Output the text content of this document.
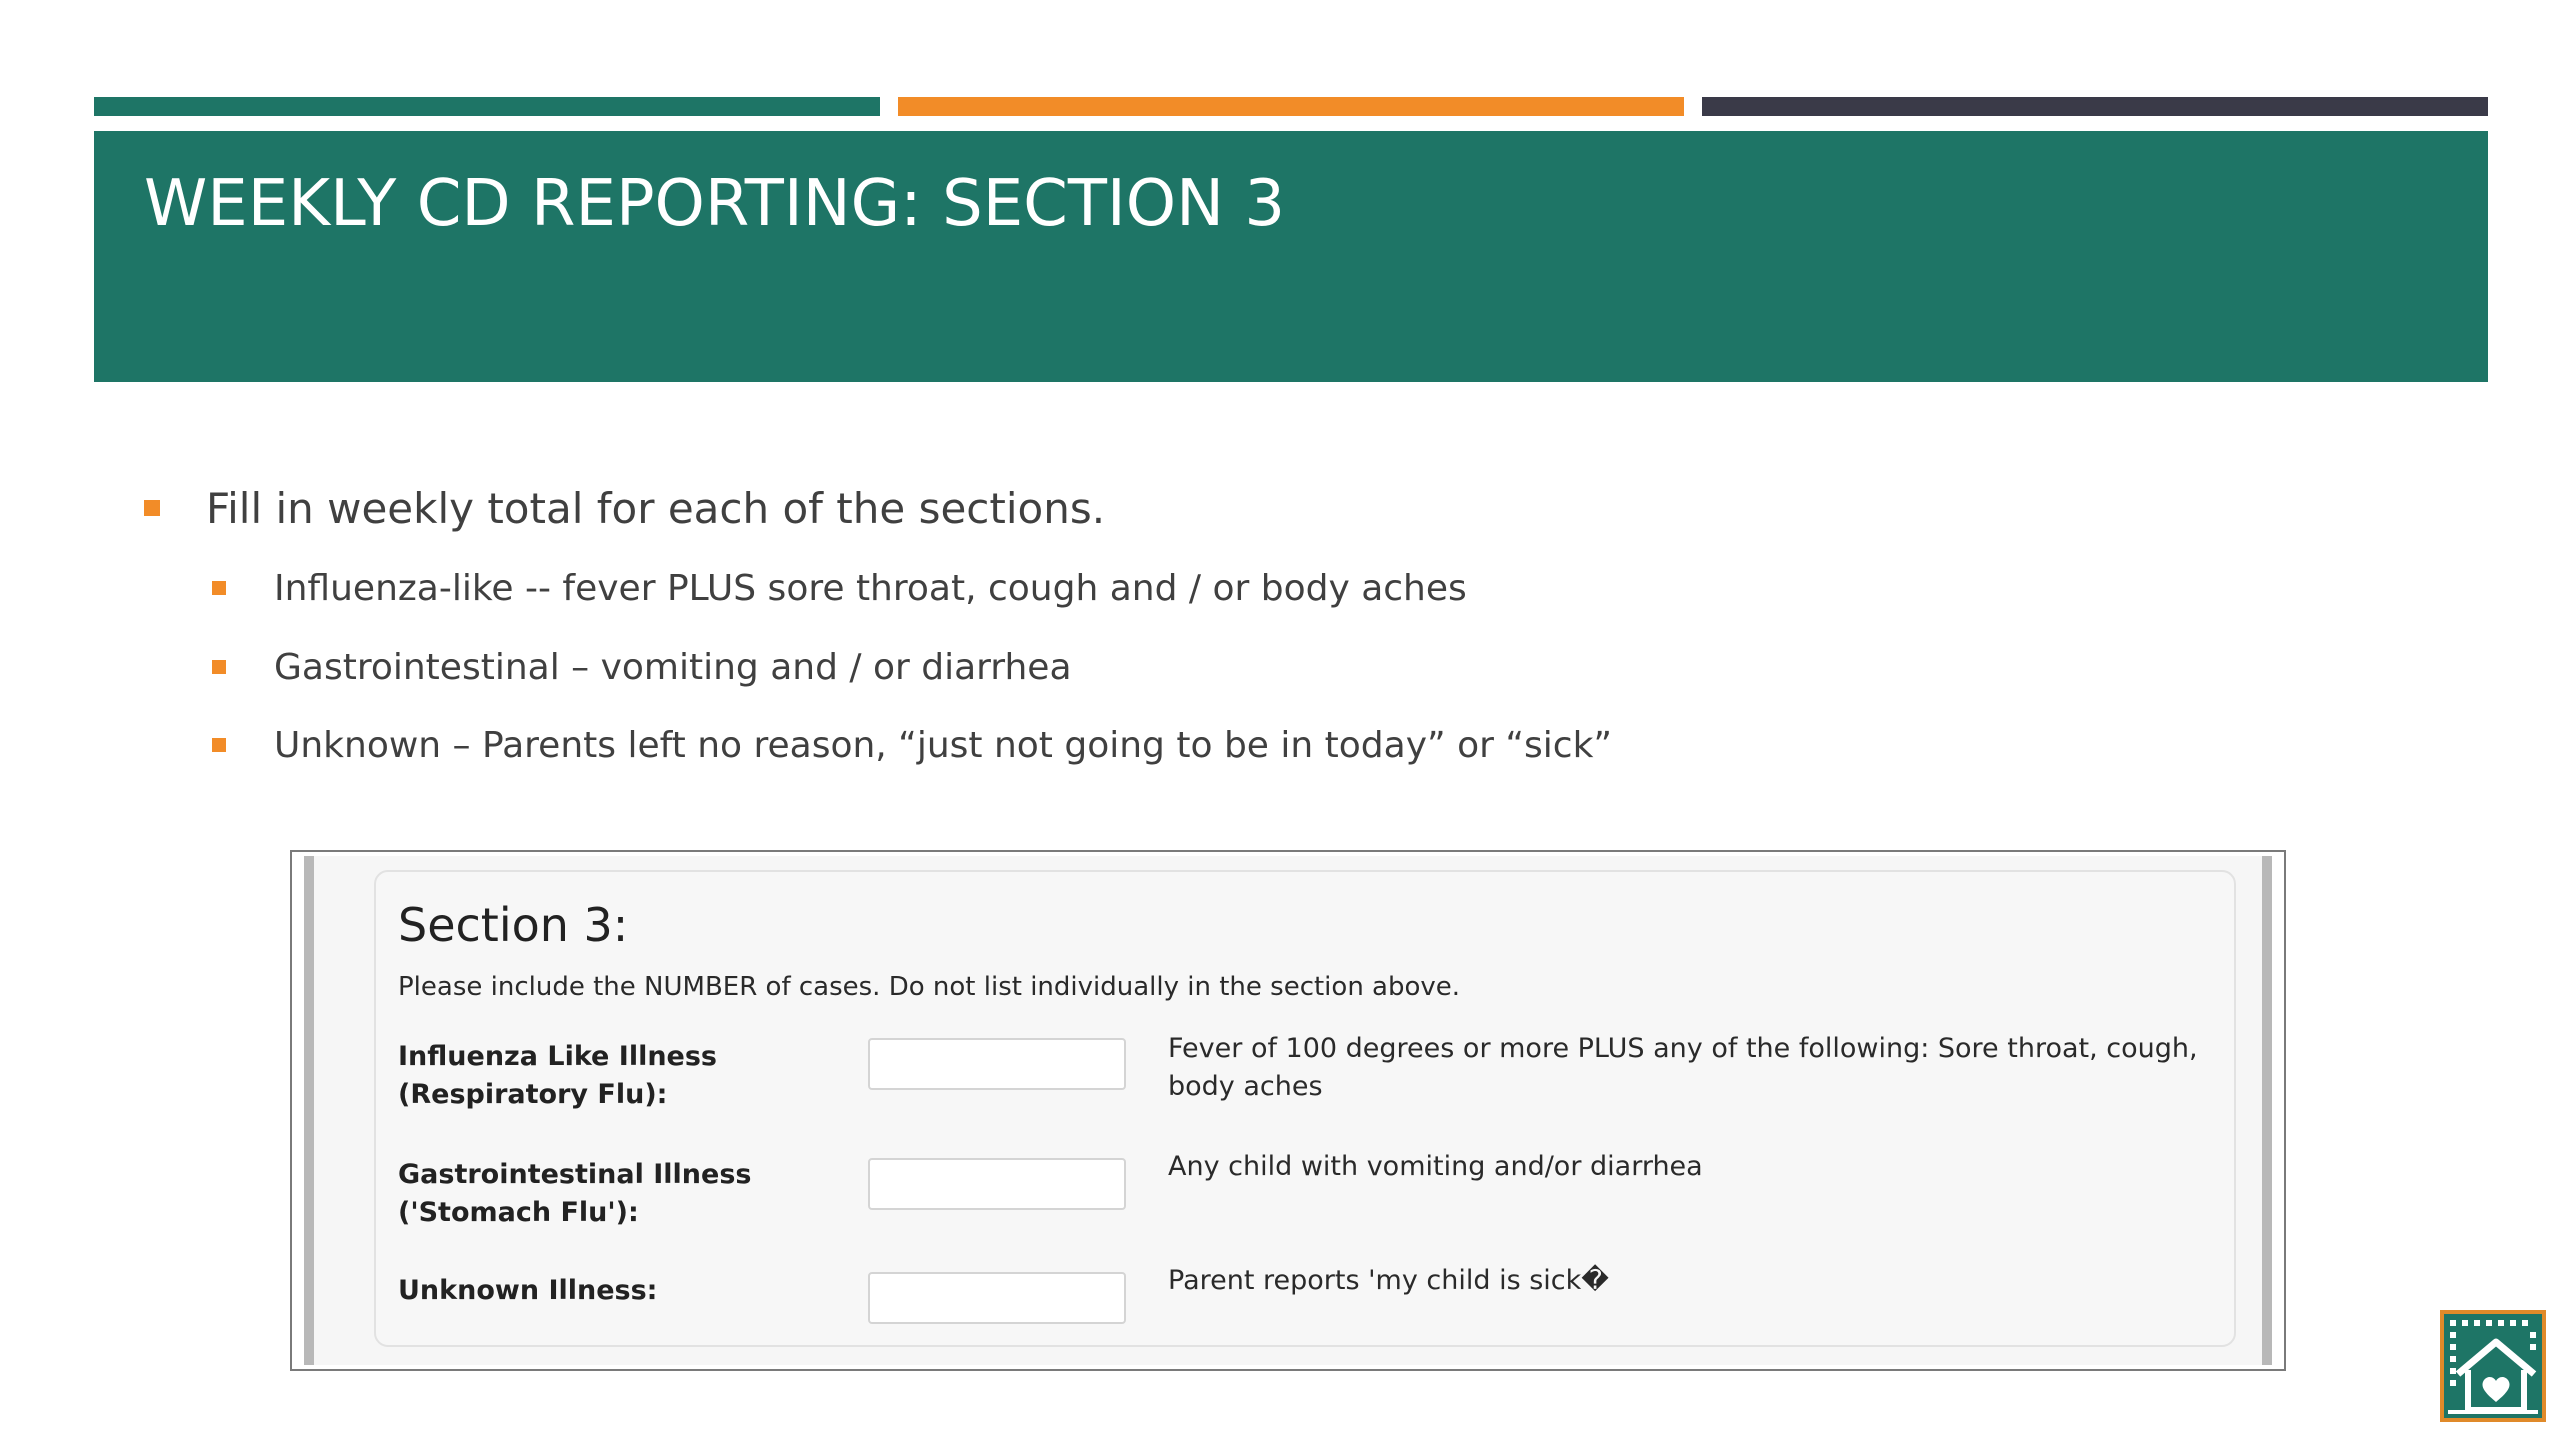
WEEKLY CD REPORTING: SECTION 3
Fill in weekly total for each of the sections.
Influenza-like -- fever PLUS sore throat, cough and / or body aches
Gastrointestinal – vomiting and / or diarrhea
Unknown – Parents left no reason, “just not going to be in today” or “sick”
Section 3:
Please include the NUMBER of cases. Do not list individually in the section above.
Influenza Like Illness
(Respiratory Flu):
Fever of 100 degrees or more PLUS any of the following: Sore throat, cough, body aches
Gastrointestinal Illness
('Stomach Flu'):
Any child with vomiting and/or diarrhea
Unknown Illness:	Parent reports 'my child is sick�
